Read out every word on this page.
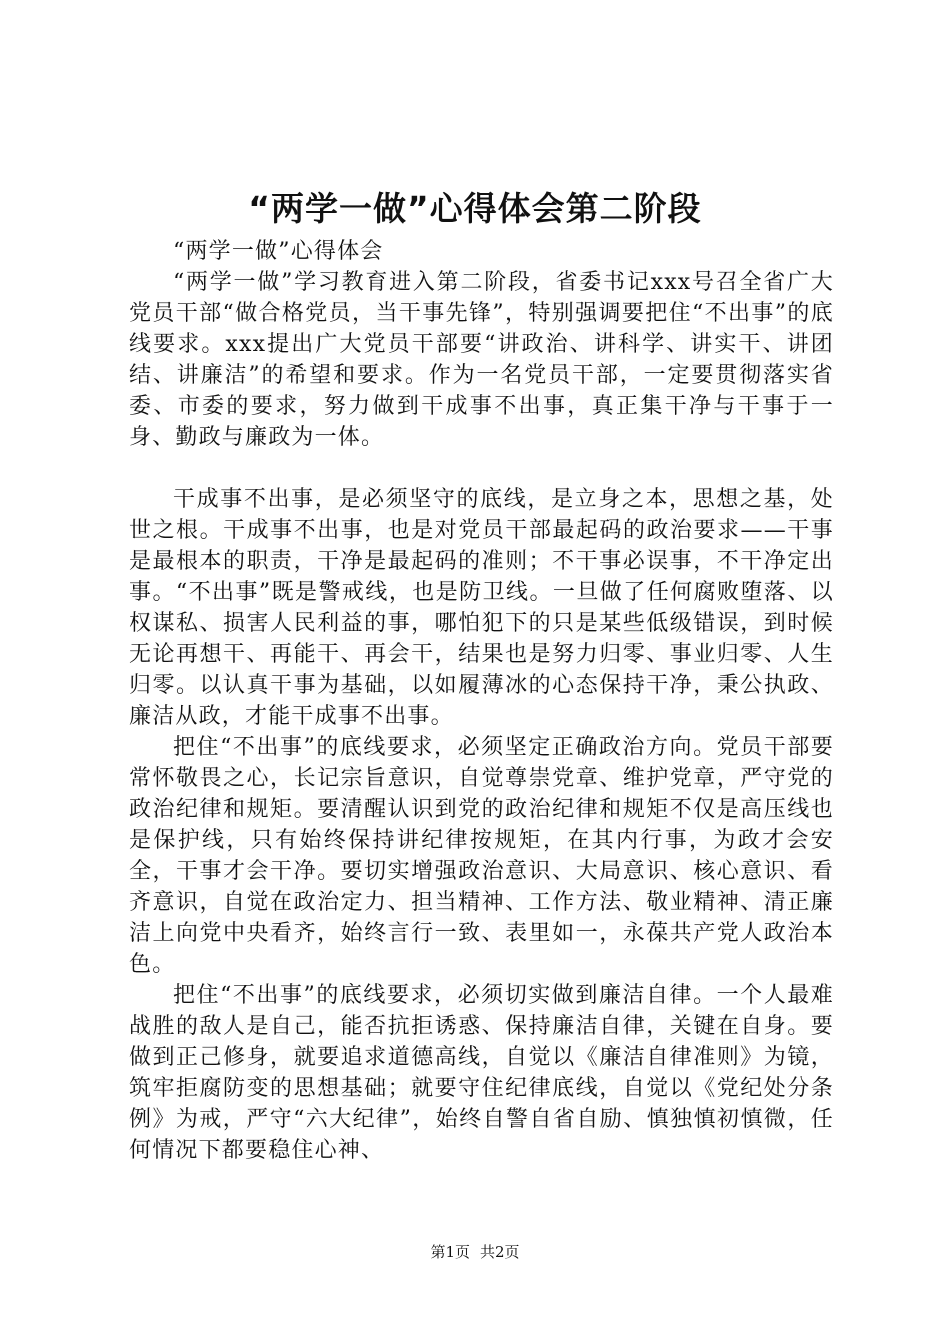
“两学一做”心得体会第二阶段

“两学一做”心得体会

“两学一做”学习教育进入第二阶段，省委书记xxx号召全省广大党员干部“做合格党员，当干事先锋”，特别强调要把住“不出事”的底线要求。xxx提出广大党员干部要“讲政治、讲科学、讲实干、讲团结、讲廉洁”的希望和要求。作为一名党员干部，一定要贯彻落实省委、市委的要求，努力做到干成事不出事，真正集干净与干事于一身、勤政与廉政为一体。

干成事不出事，是必须坚守的底线，是立身之本，思想之基，处世之根。干成事不出事，也是对党员干部最起码的政治要求——干事是最根本的职责，干净是最起码的准则；不干事必误事，不干净定出事。“不出事”既是警戒线，也是防卫线。一旦做了任何腐败堕落、以权谋私、损害人民利益的事，哪怕犯下的只是某些低级错误，到时候无论再想干、再能干、再会干，结果也是努力归零、事业归零、人生归零。以认真干事为基础，以如履薄冰的心态保持干净，秉公执政、廉洁从政，才能干成事不出事。

把住“不出事”的底线要求，必须坚定正确政治方向。党员干部要常怀敬畏之心，长记宗旨意识，自觉尊崇党章、维护党章，严守党的政治纪律和规矩。要清醒认识到党的政治纪律和规矩不仅是高压线也是保护线，只有始终保持讲纪律按规矩，在其内行事，为政才会安全，干事才会干净。要切实增强政治意识、大局意识、核心意识、看齐意识，自觉在政治定力、担当精神、工作方法、敬业精神、清正廉洁上向党中央看齐，始终言行一致、表里如一，永葆共产党人政治本色。

把住“不出事”的底线要求，必须切实做到廉洁自律。一个人最难战胜的敌人是自己，能否抗拒诱惑、保持廉洁自律，关键在自身。要做到正己修身，就要追求道德高线，自觉以《廉洁自律准则》为镜，筑牢拒腐防变的思想基础；就要守住纪律底线，自觉以《党纪处分条例》为戒，严守“六大纪律”，始终自警自省自励、慎独慎初慎微，任何情况下都要稳住心神、

第1页 共2页
